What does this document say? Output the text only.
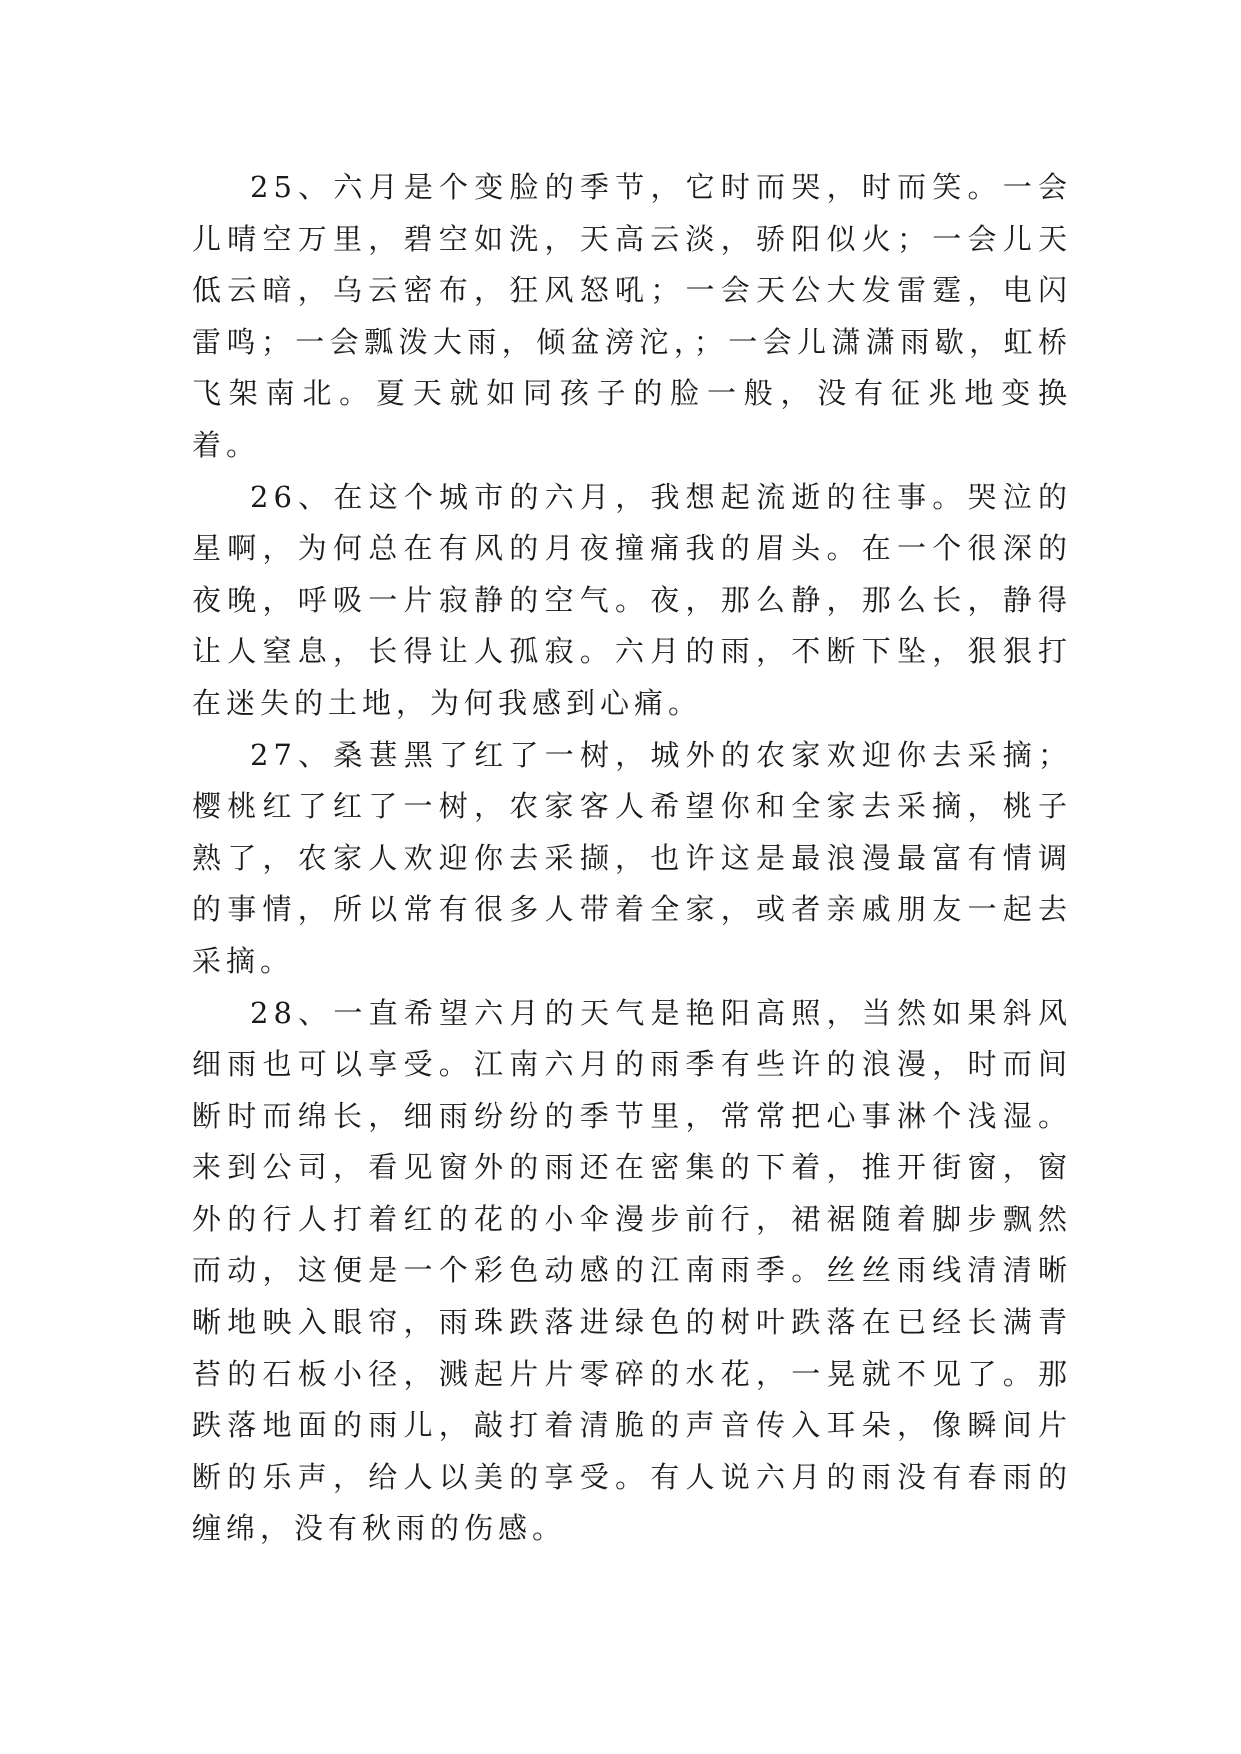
25、六月是个变脸的季节，它时而哭，时而笑。一会儿晴空万里，碧空如洗，天高云淡，骄阳似火；一会儿天低云暗，乌云密布，狂风怒吼；一会天公大发雷霆，电闪雷鸣；一会瓢泼大雨，倾盆滂沱，；一会儿潇潇雨歇，虹桥飞架南北。夏天就如同孩子的脸一般，没有征兆地变换着。

26、在这个城市的六月，我想起流逝的往事。哭泣的星啊，为何总在有风的月夜撞痛我的眉头。在一个很深的夜晚，呼吸一片寂静的空气。夜，那么静，那么长，静得让人窒息，长得让人孤寂。六月的雨，不断下坠，狠狠打在迷失的土地，为何我感到心痛。

27、桑葚黑了红了一树，城外的农家欢迎你去采摘；樱桃红了红了一树，农家客人希望你和全家去采摘，桃子熟了，农家人欢迎你去采撷，也许这是最浪漫最富有情调的事情，所以常有很多人带着全家，或者亲戚朋友一起去采摘。

28、一直希望六月的天气是艳阳高照，当然如果斜风细雨也可以享受。江南六月的雨季有些许的浪漫，时而间断时而绵长，细雨纷纷的季节里，常常把心事淋个浅湿。来到公司，看见窗外的雨还在密集的下着，推开街窗，窗外的行人打着红的花的小伞漫步前行，裙裾随着脚步飘然而动，这便是一个彩色动感的江南雨季。丝丝雨线清清晰晰地映入眼帘，雨珠跌落进绿色的树叶跌落在已经长满青苔的石板小径，溅起片片零碎的水花，一晃就不见了。那跌落地面的雨儿，敲打着清脆的声音传入耳朵，像瞬间片断的乐声，给人以美的享受。有人说六月的雨没有春雨的缠绵，没有秋雨的伤感。
